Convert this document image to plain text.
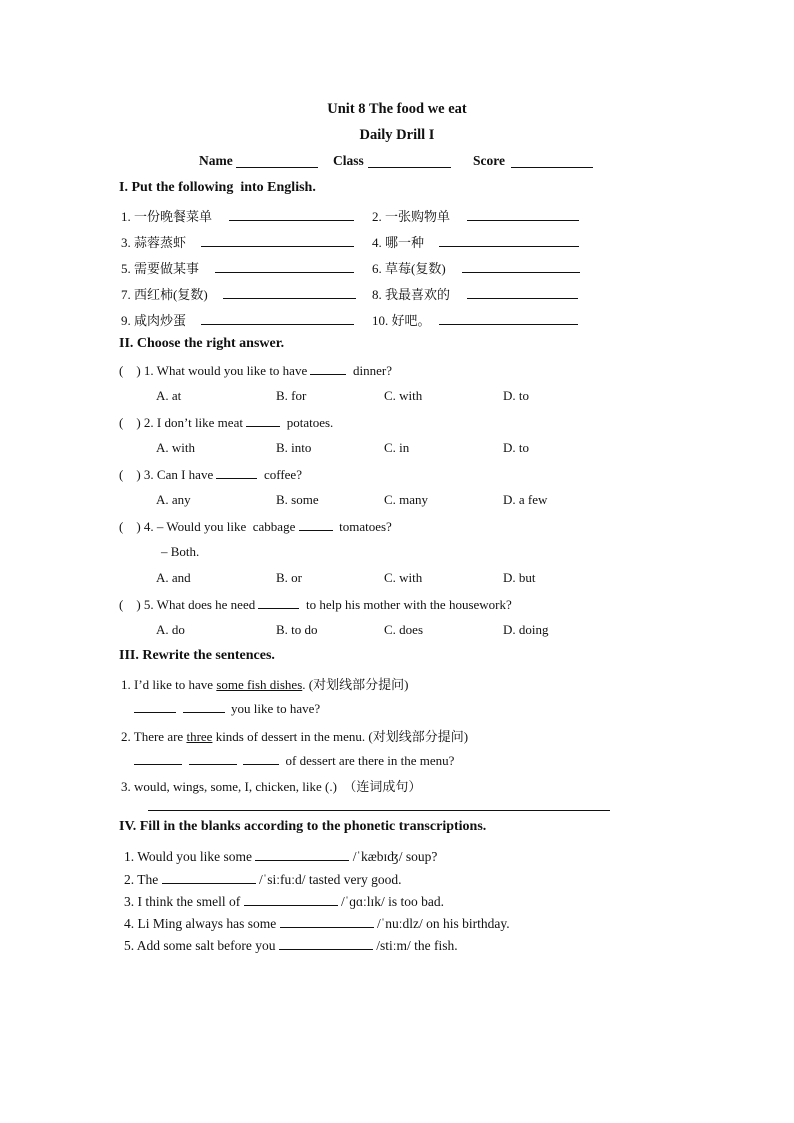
Unit 8 The food we eat
Daily Drill I
Name	Class	Score
I. Put the following  into English.
1. 一份晚餐菜单	2. 一张购物单
3. 蒜蓉蒸虾	4. 哪一种
5. 需要做某事	6. 草莓(复数)
7. 西红柿(复数)	8. 我最喜欢的
9. 咸肉炒蛋	10. 好吧。
II. Choose the right answer.
(    ) 1. What would you like to have	dinner?
A. at	B. for	C. with	D. to
(    ) 2. I don’t like meat	potatoes.
A. with	B. into	C. in	D. to
(    ) 3. Can I have	coffee?
A. any	B. some	C. many	D. a few
(    ) 4. – Would you like  cabbage	tomatoes?
– Both.
A. and	B. or	C. with	D. but
(    ) 5. What does he need	to help his mother with the housework?
A. do	B. to do	C. does	D. doing
III. Rewrite the sentences.
1. I’d like to have some fish dishes. (对划线部分提问)
you like to have?
2. There are three kinds of dessert in the menu. (对划线部分提问)
of dessert are there in the menu?
3. would, wings, some, I, chicken, like (.)  （连词成句）
IV. Fill in the blanks according to the phonetic transcriptions.
1. Would you like some	/ˈkæbɪʤ/ soup?
2. The	/ˈsiːfuːd/ tasted very good.
3. I think the smell of	/ˈɡɑːlɪk/ is too bad.
4. Li Ming always has some	/ˈnuːdlz/ on his birthday.
5. Add some salt before you	/stiːm/ the fish.
